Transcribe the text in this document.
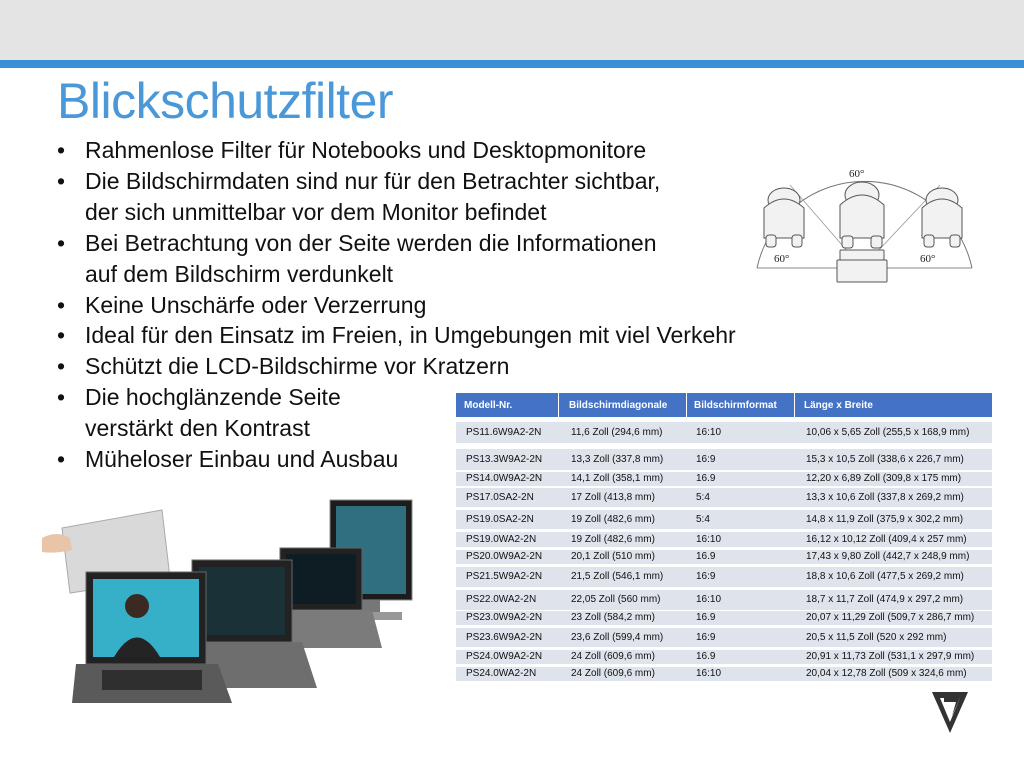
Blickschutzfilter
• Rahmenlose Filter für Notebooks und Desktopmonitore
• Die Bildschirmdaten sind nur für den Betrachter sichtbar,
der sich unmittelbar vor dem Monitor befindet
• Bei Betrachtung von der Seite werden die Informationen
auf dem Bildschirm verdunkelt
• Keine Unschärfe oder Verzerrung
• Ideal für den Einsatz im Freien, in Umgebungen mit viel Verkehr
• Schützt die LCD-Bildschirme vor Kratzern
• Die hochglänzende Seite
verstärkt den Kontrast
• Müheloser Einbau und Ausbau
60°
60°	60°
Modell-Nr.	Bildschirmdiagonale	Bildschirmformat	Länge x Breite
PS11.6W9A2-2N	11,6 Zoll (294,6 mm)	16:10	10,06 x 5,65 Zoll (255,5 x 168,9 mm)
PS13.3W9A2-2N	13,3 Zoll (337,8 mm)	16:9	15,3 x 10,5 Zoll (338,6 x 226,7 mm)
PS14.0W9A2-2N	14,1 Zoll (358,1 mm)	16.9	12,20 x 6,89 Zoll (309,8 x 175 mm)
PS17.0SA2-2N	17 Zoll (413,8 mm)	5:4	13,3 x 10,6 Zoll (337,8 x 269,2 mm)
PS19.0SA2-2N	19 Zoll (482,6 mm)	5:4	14,8 x 11,9 Zoll (375,9 x 302,2 mm)
PS19.0WA2-2N	19 Zoll (482,6 mm)	16:10	16,12 x 10,12 Zoll (409,4 x 257 mm)
PS20.0W9A2-2N	20,1 Zoll (510 mm)	16.9	17,43 x 9,80 Zoll (442,7 x 248,9 mm)
PS21.5W9A2-2N	21,5 Zoll (546,1 mm)	16:9	18,8 x 10,6 Zoll (477,5 x 269,2 mm)
PS22.0WA2-2N	22,05 Zoll (560 mm)	16:10	18,7 x 11,7 Zoll (474,9 x 297,2 mm)
PS23.0W9A2-2N	23 Zoll (584,2 mm)	16.9	20,07 x 11,29 Zoll (509,7 x 286,7 mm)
PS23.6W9A2-2N	23,6 Zoll (599,4 mm)	16:9	20,5 x 11,5 Zoll (520 x 292 mm)
PS24.0W9A2-2N	24 Zoll (609,6 mm)	16.9	20,91 x 11,73 Zoll (531,1 x 297,9 mm)
PS24.0WA2-2N	24 Zoll (609,6 mm)	16:10	20,04 x 12,78 Zoll (509 x 324,6 mm)
